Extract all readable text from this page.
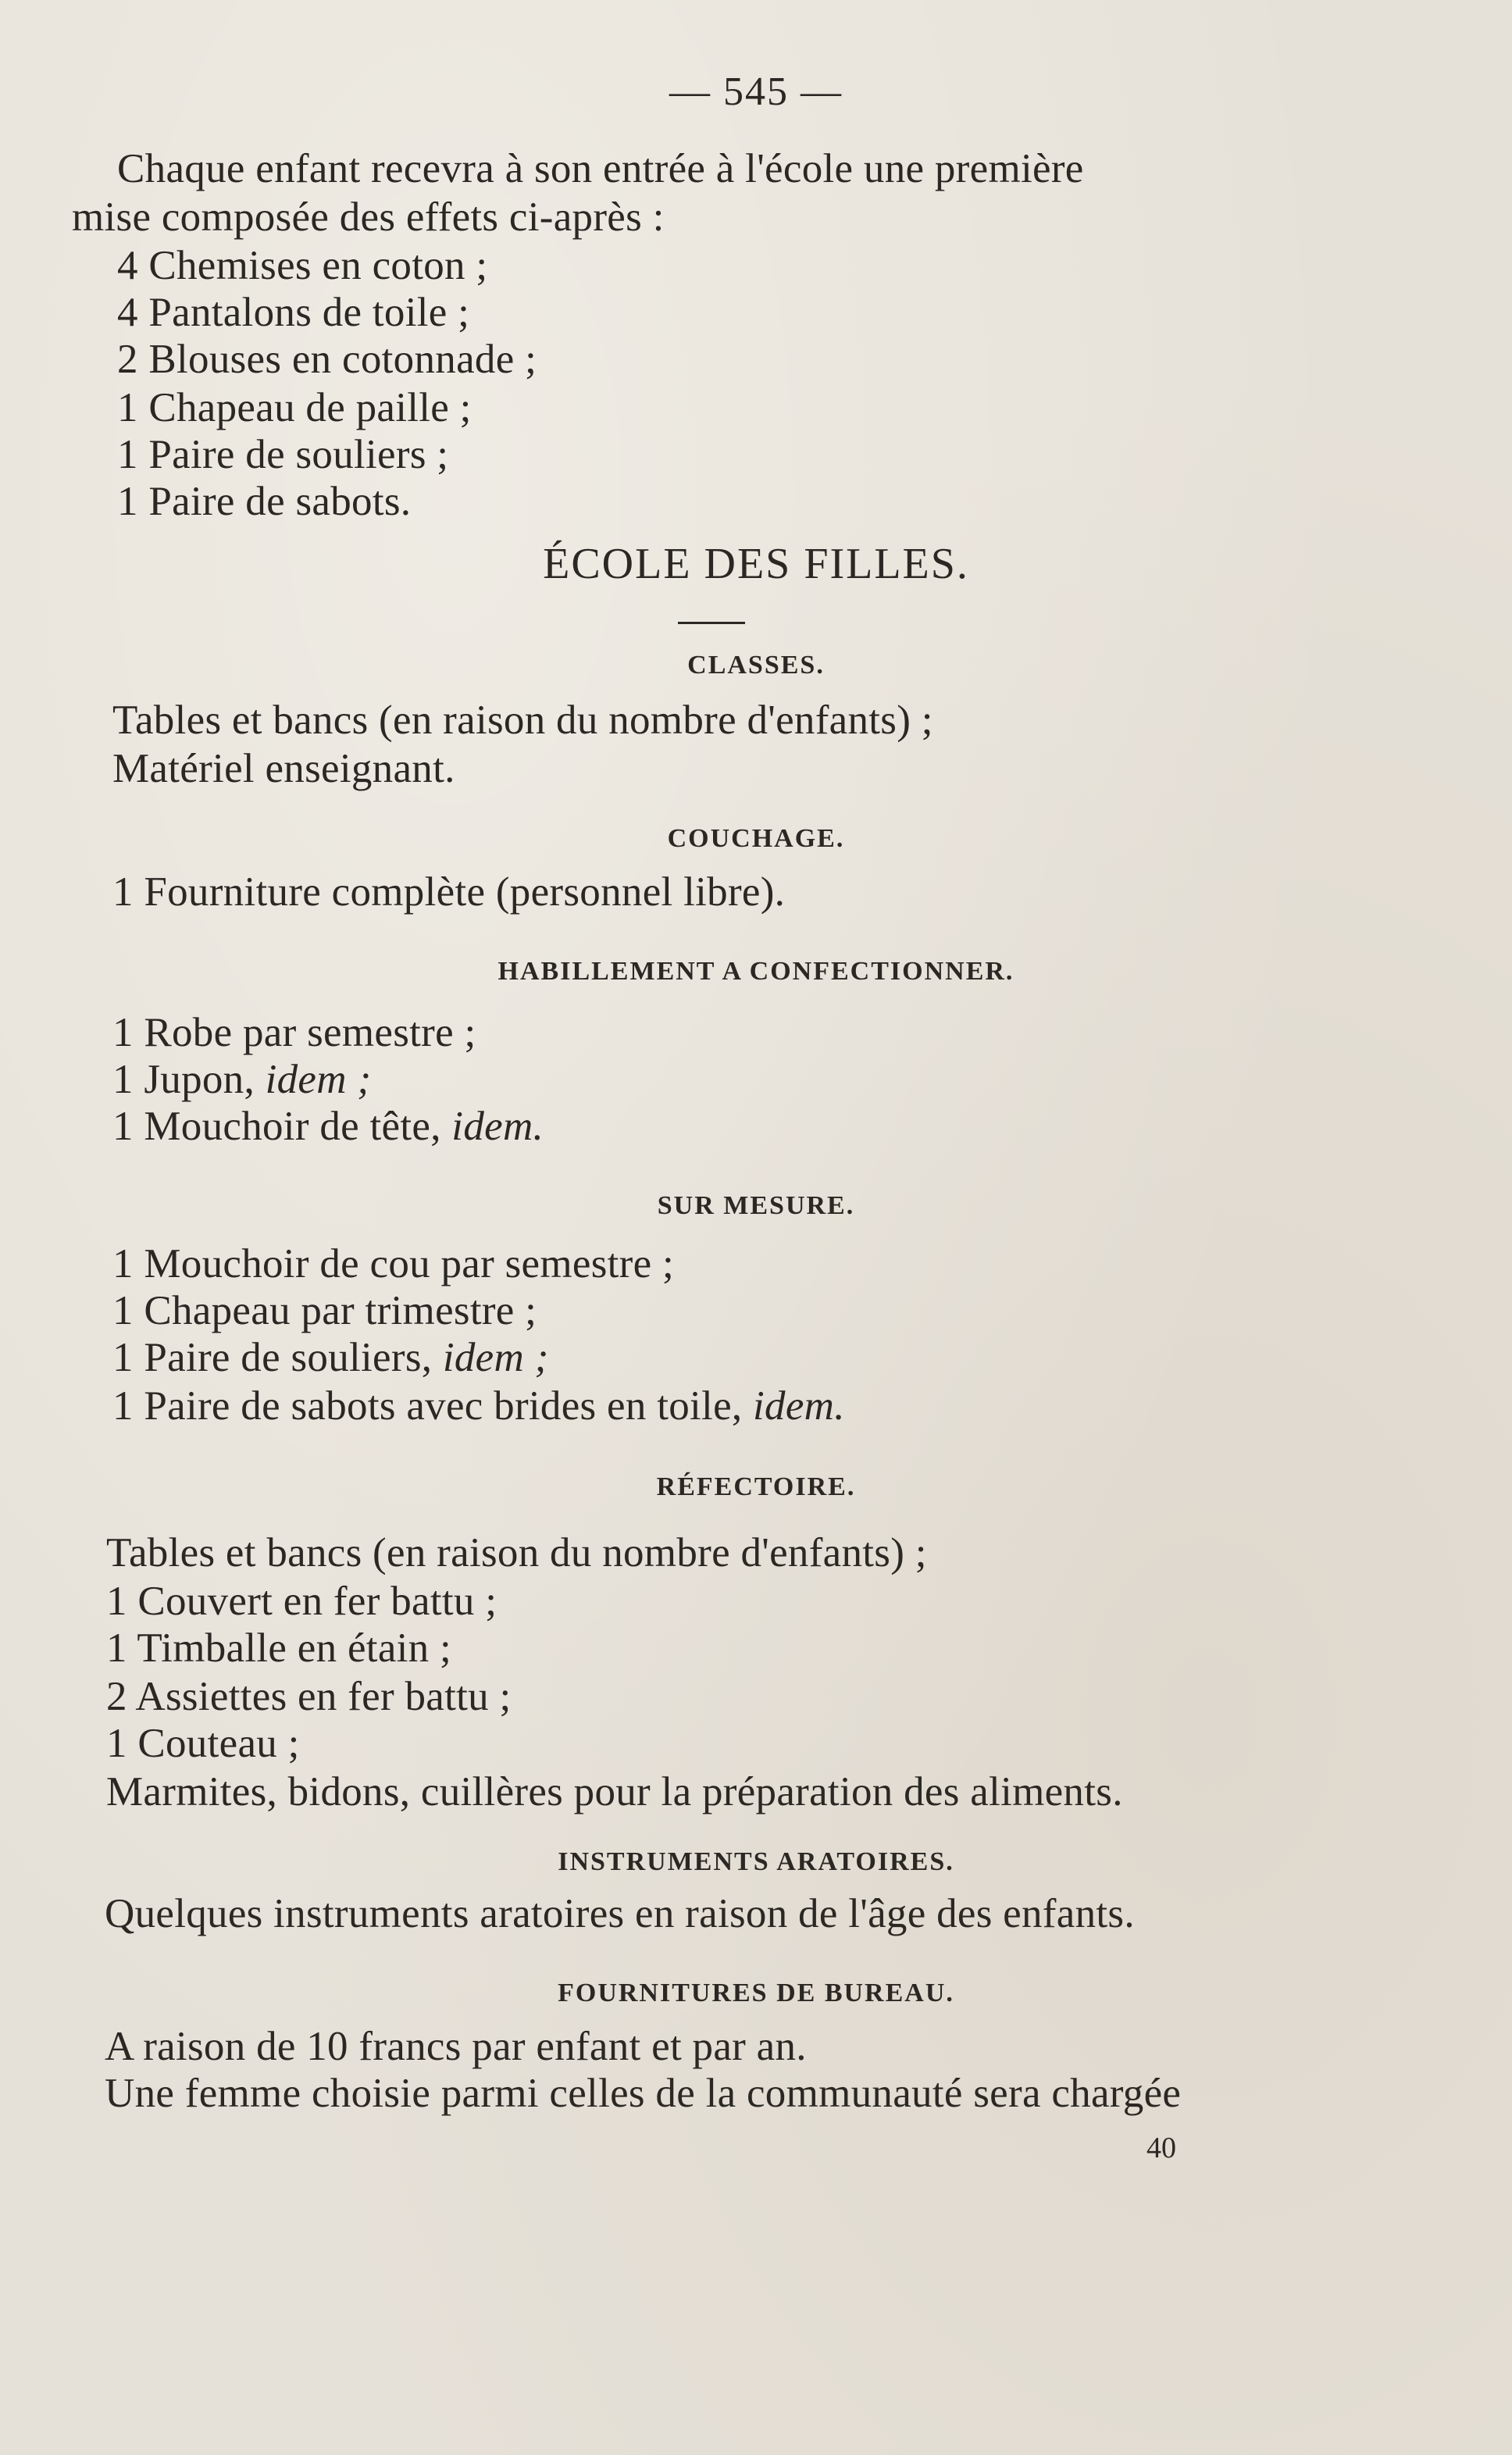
— 545 —
Chaque enfant recevra à son entrée à l'école une première
mise composée des effets ci-après :
4 Chemises en coton ;
4 Pantalons de toile ;
2 Blouses en cotonnade ;
1 Chapeau de paille ;
1 Paire de souliers ;
1 Paire de sabots.
ÉCOLE DES FILLES.
CLASSES.
Tables et bancs (en raison du nombre d'enfants) ;
Matériel enseignant.
COUCHAGE.
1 Fourniture complète (personnel libre).
HABILLEMENT A CONFECTIONNER.
1 Robe par semestre ;
1 Jupon, idem ;
1 Mouchoir de tête, idem.
SUR MESURE.
1 Mouchoir de cou par semestre ;
1 Chapeau par trimestre ;
1 Paire de souliers, idem ;
1 Paire de sabots avec brides en toile, idem.
RÉFECTOIRE.
Tables et bancs (en raison du nombre d'enfants) ;
1 Couvert en fer battu ;
1 Timballe en étain ;
2 Assiettes en fer battu ;
1 Couteau ;
Marmites, bidons, cuillères pour la préparation des aliments.
INSTRUMENTS ARATOIRES.
Quelques instruments aratoires en raison de l'âge des enfants.
FOURNITURES DE BUREAU.
A raison de 10 francs par enfant et par an.
Une femme choisie parmi celles de la communauté sera chargée
40
